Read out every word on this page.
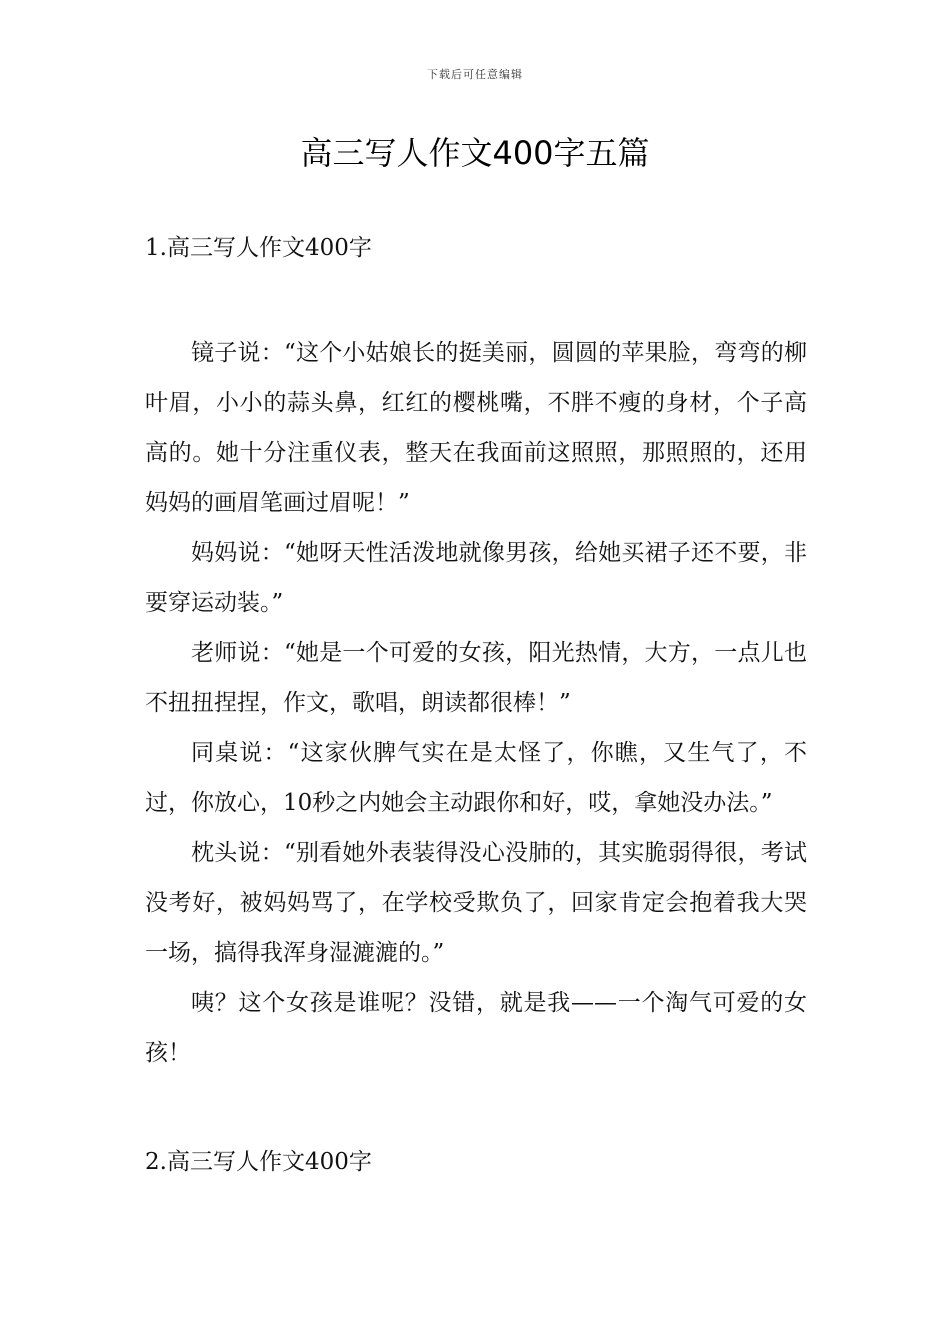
下载后可任意编辑
高三写人作文400字五篇

1.高三写人作文400字

镜子说：“这个小姑娘长的挺美丽，圆圆的苹果脸，弯弯的柳叶眉，小小的蒜头鼻，红红的樱桃嘴，不胖不瘦的身材，个子高高的。她十分注重仪表，整天在我面前这照照，那照照的，还用妈妈的画眉笔画过眉呢！”

妈妈说：“她呀天性活泼地就像男孩，给她买裙子还不要，非要穿运动装。”

老师说：“她是一个可爱的女孩，阳光热情，大方，一点儿也不扭扭捏捏，作文，歌唱，朗读都很棒！”

同桌说：“这家伙脾气实在是太怪了，你瞧，又生气了，不过，你放心，10秒之内她会主动跟你和好，哎，拿她没办法。”

枕头说：“别看她外表装得没心没肺的，其实脆弱得很，考试没考好，被妈妈骂了，在学校受欺负了，回家肯定会抱着我大哭一场，搞得我浑身湿漉漉的。”

咦？这个女孩是谁呢？没错，就是我——一个淘气可爱的女孩！

2.高三写人作文400字
